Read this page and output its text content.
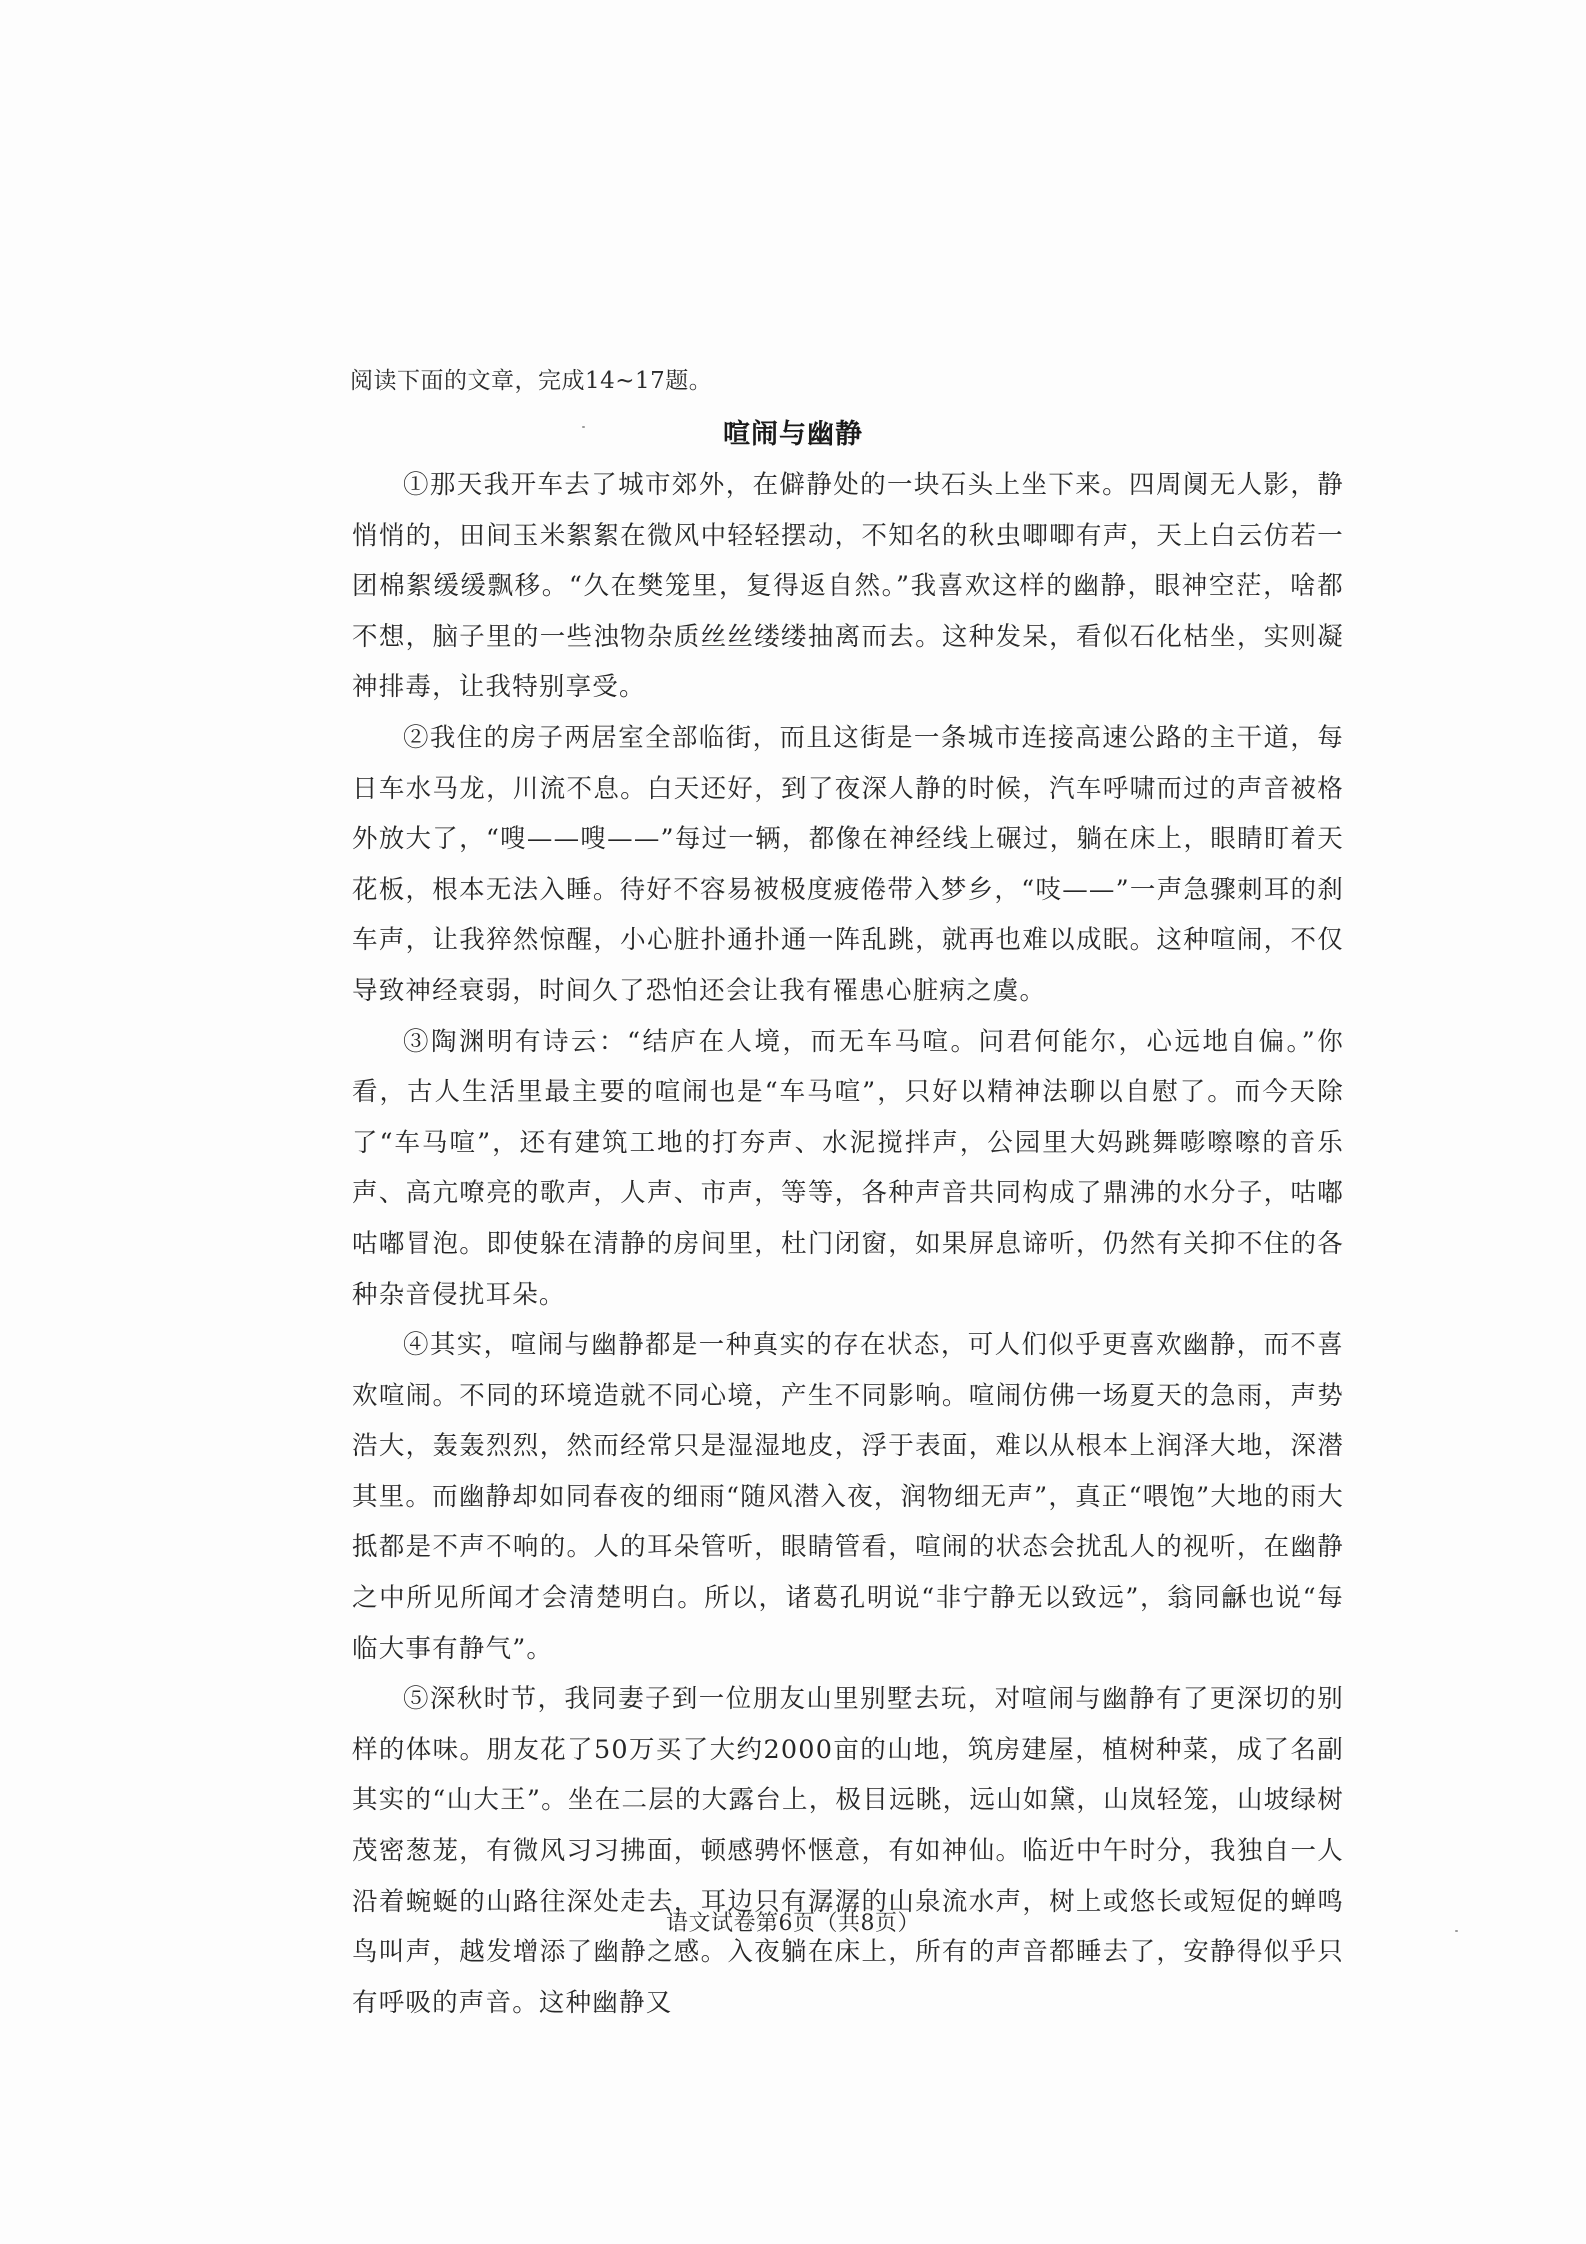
阅读下面的文章，完成14~17题。
喧闹与幽静

①那天我开车去了城市郊外，在僻静处的一块石头上坐下来。四周阒无人影，静悄悄的，田间玉米絮絮在微风中轻轻摆动，不知名的秋虫唧唧有声，天上白云仿若一团棉絮缓缓飘移。“久在樊笼里，复得返自然。”我喜欢这样的幽静，眼神空茫，啥都不想，脑子里的一些浊物杂质丝丝缕缕抽离而去。这种发呆，看似石化枯坐，实则凝神排毒，让我特别享受。

②我住的房子两居室全部临街，而且这街是一条城市连接高速公路的主干道，每日车水马龙，川流不息。白天还好，到了夜深人静的时候，汽车呼啸而过的声音被格外放大了，“嗖——嗖——”每过一辆，都像在神经线上碾过，躺在床上，眼睛盯着天花板，根本无法入睡。待好不容易被极度疲倦带入梦乡，“吱——”一声急骤刺耳的刹车声，让我猝然惊醒，小心脏扑通扑通一阵乱跳，就再也难以成眠。这种喧闹，不仅导致神经衰弱，时间久了恐怕还会让我有罹患心脏病之虞。

③陶渊明有诗云：“结庐在人境，而无车马喧。问君何能尔，心远地自偏。”你看，古人生活里最主要的喧闹也是“车马喧”，只好以精神法聊以自慰了。而今天除了“车马喧”，还有建筑工地的打夯声、水泥搅拌声，公园里大妈跳舞嘭嚓嚓的音乐声、高亢嘹亮的歌声，人声、市声，等等，各种声音共同构成了鼎沸的水分子，咕嘟咕嘟冒泡。即使躲在清静的房间里，杜门闭窗，如果屏息谛听，仍然有关抑不住的各种杂音侵扰耳朵。

④其实，喧闹与幽静都是一种真实的存在状态，可人们似乎更喜欢幽静，而不喜欢喧闹。不同的环境造就不同心境，产生不同影响。喧闹仿佛一场夏天的急雨，声势浩大，轰轰烈烈，然而经常只是湿湿地皮，浮于表面，难以从根本上润泽大地，深潜其里。而幽静却如同春夜的细雨“随风潜入夜，润物细无声”，真正“喂饱”大地的雨大抵都是不声不响的。人的耳朵管听，眼睛管看，喧闹的状态会扰乱人的视听，在幽静之中所见所闻才会清楚明白。所以，诸葛孔明说“非宁静无以致远”，翁同龢也说“每临大事有静气”。

⑤深秋时节，我同妻子到一位朋友山里别墅去玩，对喧闹与幽静有了更深切的别样的体味。朋友花了50万买了大约2000亩的山地，筑房建屋，植树种菜，成了名副其实的“山大王”。坐在二层的大露台上，极目远眺，远山如黛，山岚轻笼，山坡绿树茂密葱茏，有微风习习拂面，顿感骋怀惬意，有如神仙。临近中午时分，我独自一人沿着蜿蜒的山路往深处走去，耳边只有潺潺的山泉流水声，树上或悠长或短促的蝉鸣鸟叫声，越发增添了幽静之感。入夜躺在床上，所有的声音都睡去了，安静得似乎只有呼吸的声音。这种幽静又

语文试卷第6页（共8页）
